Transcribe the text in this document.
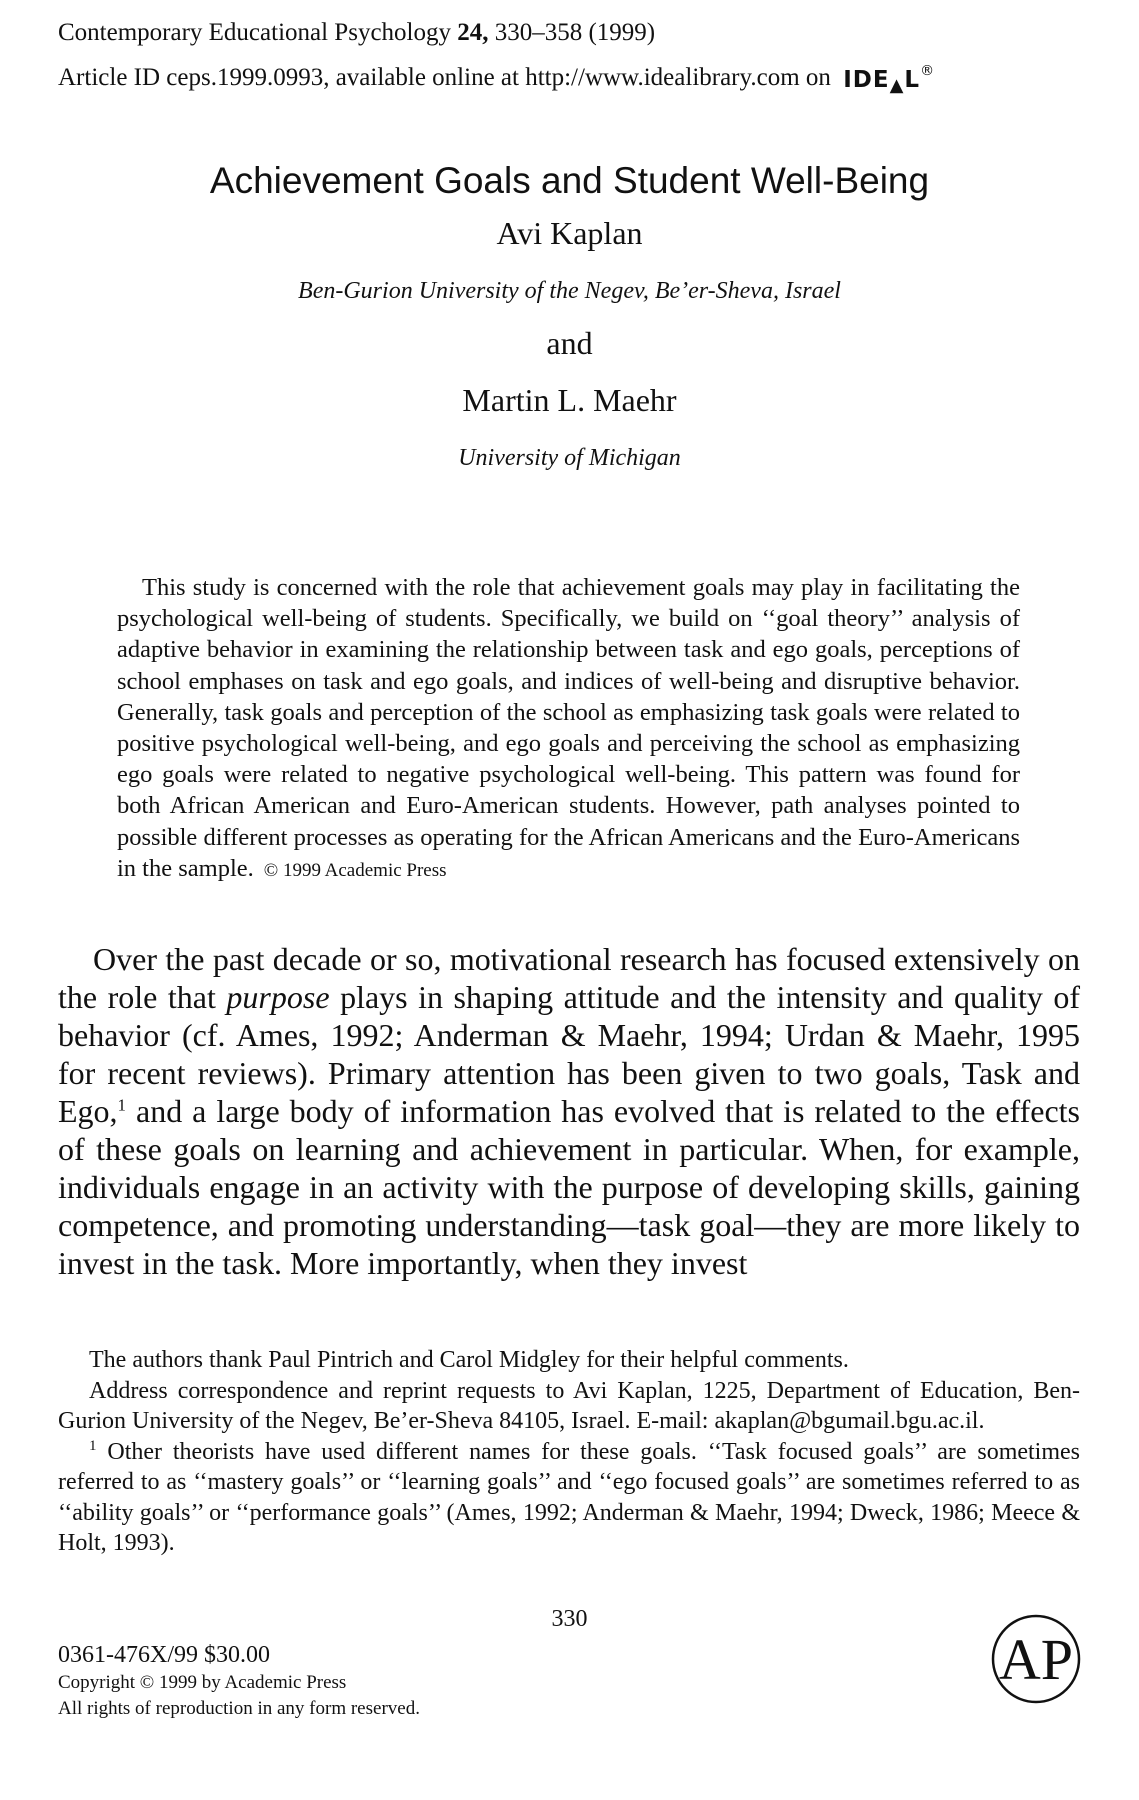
Contemporary Educational Psychology 24, 330–358 (1999)
Article ID ceps.1999.0993, available online at http://www.idealibrary.com on IDE▲L®
Achievement Goals and Student Well-Being
Avi Kaplan
Ben-Gurion University of the Negev, Be’er-Sheva, Israel
and
Martin L. Maehr
University of Michigan

This study is concerned with the role that achievement goals may play in facilitating the psychological well-being of students. Specifically, we build on ‘‘goal theory’’ analysis of adaptive behavior in examining the relationship between task and ego goals, perceptions of school emphases on task and ego goals, and indices of well-being and disruptive behavior. Generally, task goals and perception of the school as emphasizing task goals were related to positive psychological well-being, and ego goals and perceiving the school as emphasizing ego goals were related to negative psychological well-being. This pattern was found for both African American and Euro-American students. However, path analyses pointed to possible different processes as operating for the African Americans and the Euro-Americans in the sample. © 1999 Academic Press

Over the past decade or so, motivational research has focused extensively on the role that purpose plays in shaping attitude and the intensity and quality of behavior (cf. Ames, 1992; Anderman & Maehr, 1994; Urdan & Maehr, 1995 for recent reviews). Primary attention has been given to two goals, Task and Ego,$^1$ and a large body of information has evolved that is related to the effects of these goals on learning and achievement in particular. When, for example, individuals engage in an activity with the purpose of developing skills, gaining competence, and promoting understanding—task goal—they are more likely to invest in the task. More importantly, when they invest

The authors thank Paul Pintrich and Carol Midgley for their helpful comments.

Address correspondence and reprint requests to Avi Kaplan, 1225, Department of Education, Ben-Gurion University of the Negev, Be’er-Sheva 84105, Israel. E-mail: akaplan@bgumail.bgu.ac.il.

$^1$ Other theorists have used different names for these goals. ‘‘Task focused goals’’ are sometimes referred to as ‘‘mastery goals’’ or ‘‘learning goals’’ and ‘‘ego focused goals’’ are sometimes referred to as ‘‘ability goals’’ or ‘‘performance goals’’ (Ames, 1992; Anderman & Maehr, 1994; Dweck, 1986; Meece & Holt, 1993).

330
0361-476X/99 $30.00
Copyright © 1999 by Academic Press
All rights of reproduction in any form reserved.
AP
